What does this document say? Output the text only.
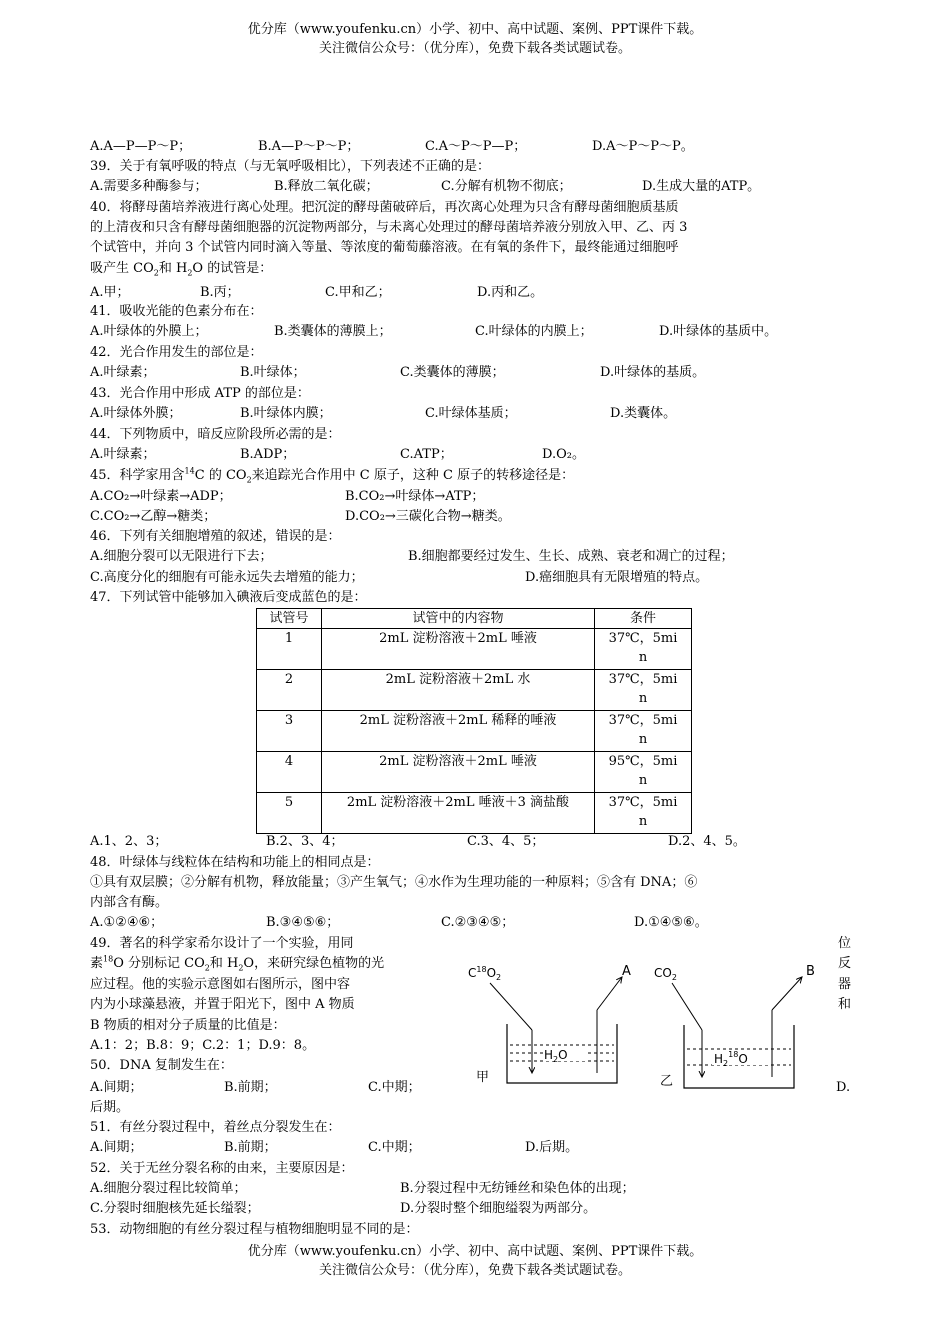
优分库（www.youfenku.cn）小学、初中、高中试题、案例、PPT课件下载。
关注微信公众号：（优分库），免费下载各类试题试卷。
A.A—P—P～P；	B.A—P～P～P；	C.A～P～P—P；	D.A～P～P～P。
39．关于有氧呼吸的特点（与无氧呼吸相比），下列表述不正确的是：
A.需要多种酶参与；	B.释放二氧化碳；	C.分解有机物不彻底；	D.生成大量的ATP。
40．将酵母菌培养液进行离心处理。把沉淀的酵母菌破碎后，再次离心处理为只含有酵母菌细胞质基质
的上清夜和只含有酵母菌细胞器的沉淀物两部分，与未离心处理过的酵母菌培养液分别放入甲、乙、丙 3
个试管中，并向 3 个试管内同时滴入等量、等浓度的葡萄藤溶液。在有氧的条件下，最终能通过细胞呼
吸产生 $CO_2$和 $H_2O$ 的试管是：
A.甲；	B.丙；	C.甲和乙；	D.丙和乙。
41．吸收光能的色素分布在：
A.叶绿体的外膜上；	B.类囊体的薄膜上；	C.叶绿体的内膜上；	D.叶绿体的基质中。
42．光合作用发生的部位是：
A.叶绿素；	B.叶绿体；	C.类囊体的薄膜；	D.叶绿体的基质。
43．光合作用中形成 ATP 的部位是：
A.叶绿体外膜；	B.叶绿体内膜；	C.叶绿体基质；	D.类囊体。
44．下列物质中，暗反应阶段所必需的是：
A.叶绿素；	B.ADP；	C.ATP；	D.O₂。
45．科学家用含$^{14}$C 的 $CO_2$来追踪光合作用中 C 原子，这种 C 原子的转移途径是：
A.CO₂→叶绿素→ADP；	B.CO₂→叶绿体→ATP；
C.CO₂→乙醇→糖类；	D.CO₂→三碳化合物→糖类。
46．下列有关细胞增殖的叙述，错误的是：
A.细胞分裂可以无限进行下去；	B.细胞都要经过发生、生长、成熟、衰老和凋亡的过程；
C.高度分化的细胞有可能永远失去增殖的能力；	D.癌细胞具有无限增殖的特点。
47．下列试管中能够加入碘液后变成蓝色的是：
试管号	试管中的内容物	条件
1	2mL 淀粉溶液＋2mL 唾液	37℃，5mi
n

2	2mL 淀粉溶液＋2mL 水	37℃，5mi
n

3	2mL 淀粉溶液＋2mL 稀释的唾液	37℃，5mi
n

4	2mL 淀粉溶液＋2mL 唾液	95℃，5mi
n

5	2mL 淀粉溶液＋2mL 唾液＋3 滴盐酸	37℃，5mi
n
A.1、2、3；	B.2、3、4；	C.3、4、5；	D.2、4、5。
48．叶绿体与线粒体在结构和功能上的相同点是：
①具有双层膜；②分解有机物，释放能量；③产生氧气；④水作为生理功能的一种原料；⑤含有 DNA；⑥
内部含有酶。
A.①②④⑥；	B.③④⑤⑥；	C.②③④⑤；	D.①④⑤⑥。
49．著名的科学家希尔设计了一个实验，用同
素$^{18}$O 分别标记 $CO_2$和 $H_2O$，来研究绿色植物的光
应过程。他的实验示意图如右图所示，图中容
内为小球藻悬液，并置于阳光下，图中 A 物质
B 物质的相对分子质量的比值是：
A.1：2；B.8：9；C.2：1；D.9：8。
位
反
器
和
$C^{18}O_2$	A
$H_2O$
甲
$CO_2$	B
$H_2^{18}O$
乙
50．DNA 复制发生在：
A.间期；	B.前期；	C.中期；	D.
后期。
51．有丝分裂过程中，着丝点分裂发生在：
A.间期；	B.前期；	C.中期；	D.后期。
52．关于无丝分裂名称的由来，主要原因是：
A.细胞分裂过程比较简单；	B.分裂过程中无纺锤丝和染色体的出现；
C.分裂时细胞核先延长缢裂；	D.分裂时整个细胞缢裂为两部分。
53．动物细胞的有丝分裂过程与植物细胞明显不同的是：
优分库（www.youfenku.cn）小学、初中、高中试题、案例、PPT课件下载。
关注微信公众号：（优分库），免费下载各类试题试卷。
